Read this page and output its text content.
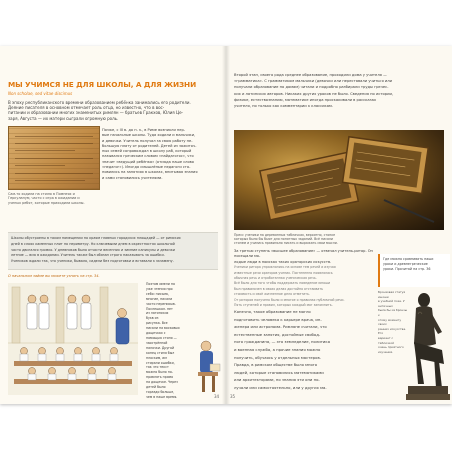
МЫ УЧИМСЯ НЕ ДЛЯ ШКОЛЫ, А ДЛЯ ЖИЗНИ
Non scholae, sed vitae discimus
В эпоху республиканского времени образованием ребёнка занимались его родители.
Деяние писателя в основном отмечает роль отца, но известно, что в вос-
питании и образовании многих знаменитых римлян — братьев Гракхов, Юлия Це-
заря, Августа — их матери сыграли огромную роль.
Сам-то ходили на стилю в Помпеях и
Геркуланум, часто с игра в ожидании и
ученых ребят, которые приходили школы.
Позже, с III в. до н. э., в Риме возникли пер-
вые начальные школы. Туда ходили и мальчики,
и девочки. Учитель получал за свою работу не-
большую плату от родителей. Детей из зажиточ-
ных семей сопровождал в школу раб, который
называлcя греческим словом «пайдагогос», что
значит «ведущий ребёнка» (отсюда наше слово
«педагог»). Иногда смышлёные педагоги ста-
новились на занятиях в школах, впитывая знания
и сами становились учителями.
Школы обустроены в таком помещении по краям главных городских площадей — от римских
дней в слоях каменных плит по периметру. Но ключевыми днем в окрестностях школьной
часто двигался громко. У дневников было отчасти весенних и зимние каникулы и девочки
летние — всю в ожидании. Учитель также был обязан строго наказывать за ошибки.
Учеников ждали так, что ученики, бывало, сидели без подготовки и вставали к экзамену.
О начальном займе вы можете узнать на стр. 34.
Поэтом имели на
уже чтения про
себя: письма,
многие, писали
часто переписыв.
Послешкол. нет
из латинских
букв из
рисунка. Все
писали на восковых
дощечках с
помощью стиля —
заострённой
палочки. Другой
конец стиля был
плоским, им
стирали ошибки,
так что текст
можно было по-
правлять прямо
на дощечке. Через
детей было
гораздо больше,
чем в наше время.	34
Второй этап, своего рода среднее образование, проходили дома у учителя —
«грамматика». С грамматиком мальчики (девочки или переставали учиться или
получали образование по домам) читали и подробно разбирали труды гречес-
ких и латинских авторов. Никаких других уроков не было. Сведения по истории,
физике, естествознанию, математике иногда проскакивали в рассказах
учителя, но только как комментарии к классикам.
Пресс ученики на деревянных табличках, вероятно, стопке
которых было бы бьют для понятных заданий. Всё писали
стилем и учились правильно писать и выражать свои мысли.
За третью ступень «высшее образование» — отвечал учитель-ритор. Он посещали мо-
лодые люди в поисках таких ораторских искусств.
Ученики ритора упражнялись на основе тем речей и изучая
известные речи ораторов ученик. Постепенно появлялась
обычная речь и отработанная ученическая речь.
Всё было для того чтобы поддержать поведение юноши
был правомочен в своих делах достойно отстаивать
стоимость и своё жизненное дело отметить.
От риторов получено было и многое о правилах публичной речи.
Пять ступеней и правил, которых каждый мог запомнить.
Где можно сравнивать наши
уроки и древнегреческие
уроки. Прочитай на стр. 36
Конечно, такое образование не могло
подготовить человека к карьере врача, ин-
женера или астронома. Римляне считали, что
естественные занятия, достойные свобод-
ного гражданина, — это земледелие, политика
и военная служба, а прочие знания можно
получить, обучаясь у отдельных мастеров.
Правда, в римском обществе было много
людей, которые становились математиками
или архитекторами, но знания эти они по-
лучали или самостоятельно, или у других ма-
Бронзовая статуя юноши
в учебной позе. У античных
была бы из бронзы к
этому моменту своих
ранних искусства. Его
вариант с табличкой
очень приятного
изучения.
35
